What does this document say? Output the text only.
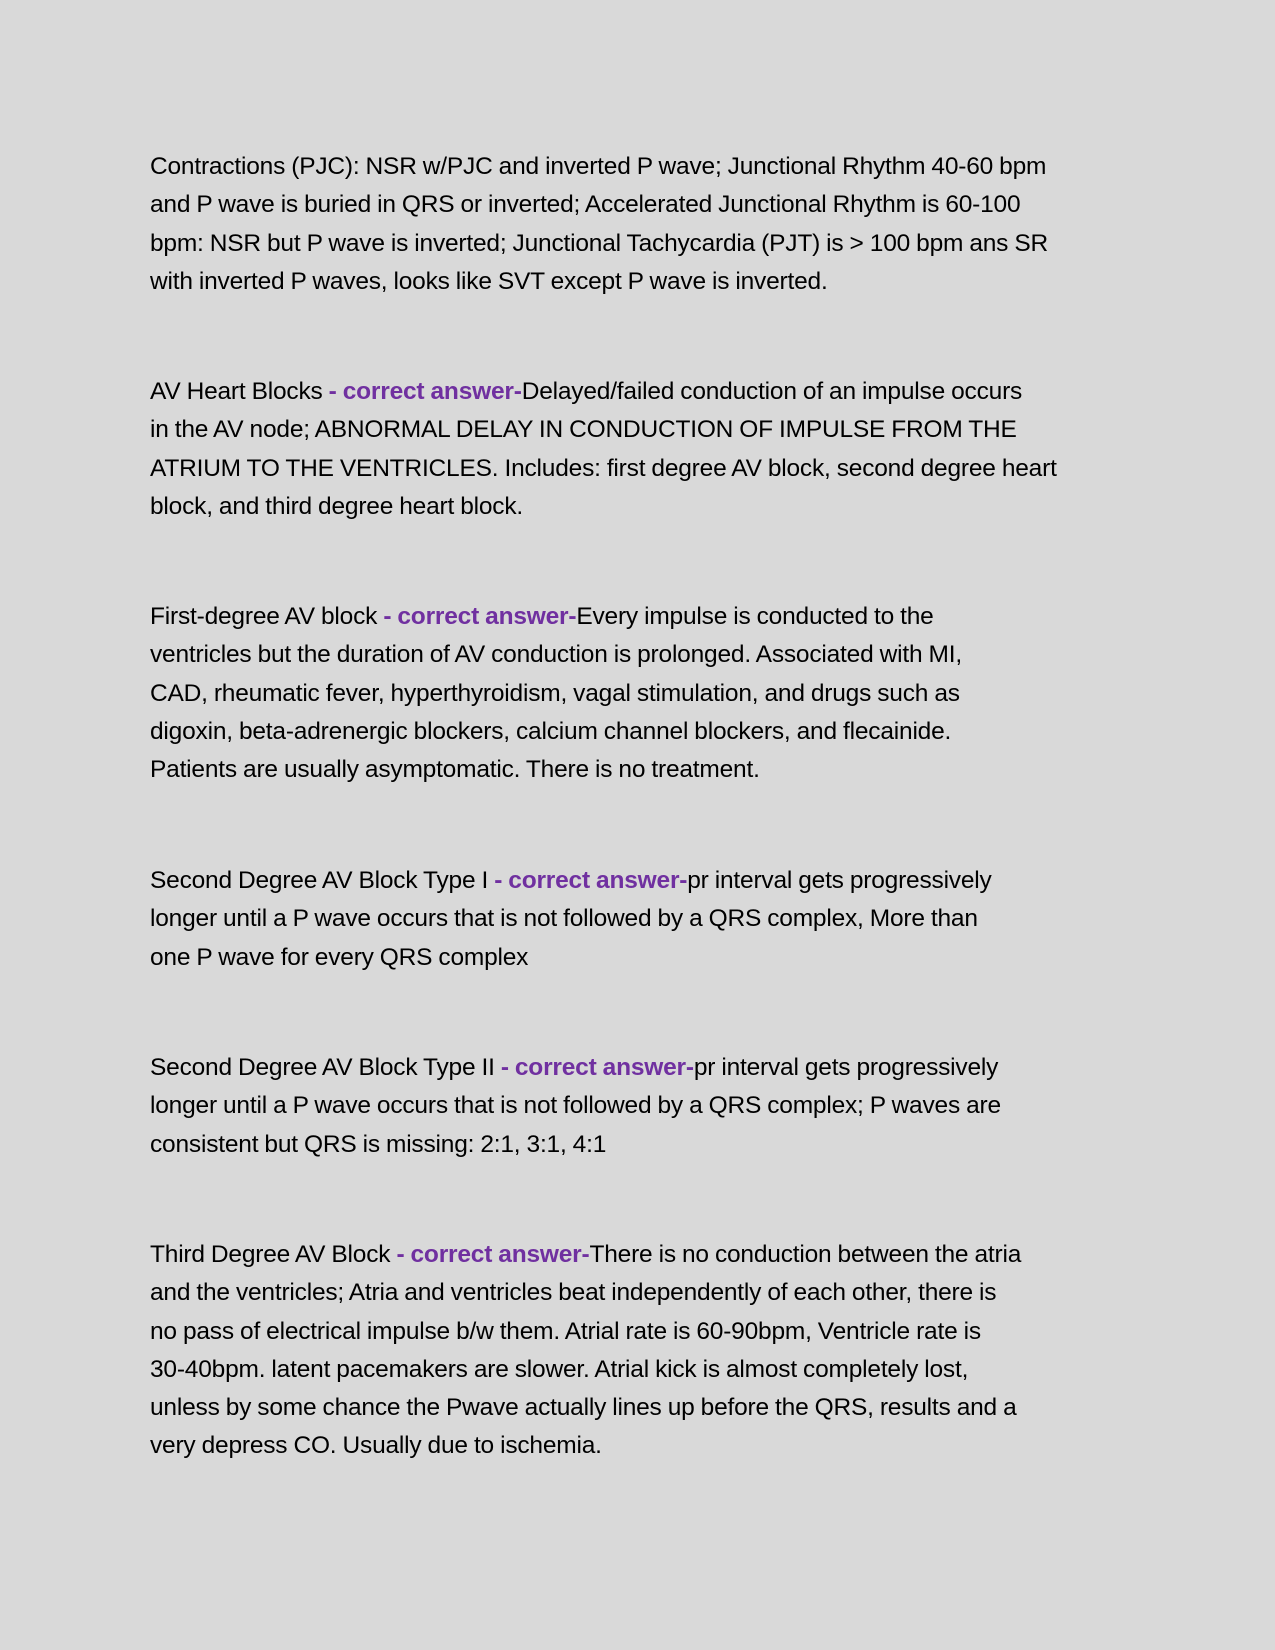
Contractions (PJC): NSR w/PJC and inverted P wave; Junctional Rhythm 40-60 bpm
and P wave is buried in QRS or inverted; Accelerated Junctional Rhythm is 60-100
bpm: NSR but P wave is inverted; Junctional Tachycardia (PJT) is > 100 bpm ans SR
with inverted P waves, looks like SVT except P wave is inverted.
AV Heart Blocks - correct answer-Delayed/failed conduction of an impulse occurs
in the AV node; ABNORMAL DELAY IN CONDUCTION OF IMPULSE FROM THE
ATRIUM TO THE VENTRICLES. Includes: first degree AV block, second degree heart
block, and third degree heart block.
First-degree AV block - correct answer-Every impulse is conducted to the
ventricles but the duration of AV conduction is prolonged. Associated with MI,
CAD, rheumatic fever, hyperthyroidism, vagal stimulation, and drugs such as
digoxin, beta-adrenergic blockers, calcium channel blockers, and flecainide.
Patients are usually asymptomatic. There is no treatment.
Second Degree AV Block Type I - correct answer-pr interval gets progressively
longer until a P wave occurs that is not followed by a QRS complex, More than
one P wave for every QRS complex
Second Degree AV Block Type II - correct answer-pr interval gets progressively
longer until a P wave occurs that is not followed by a QRS complex; P waves are
consistent but QRS is missing: 2:1, 3:1, 4:1
Third Degree AV Block - correct answer-There is no conduction between the atria
and the ventricles; Atria and ventricles beat independently of each other, there is
no pass of electrical impulse b/w them. Atrial rate is 60-90bpm, Ventricle rate is
30-40bpm. latent pacemakers are slower. Atrial kick is almost completely lost,
unless by some chance the Pwave actually lines up before the QRS, results and a
very depress CO. Usually due to ischemia.
